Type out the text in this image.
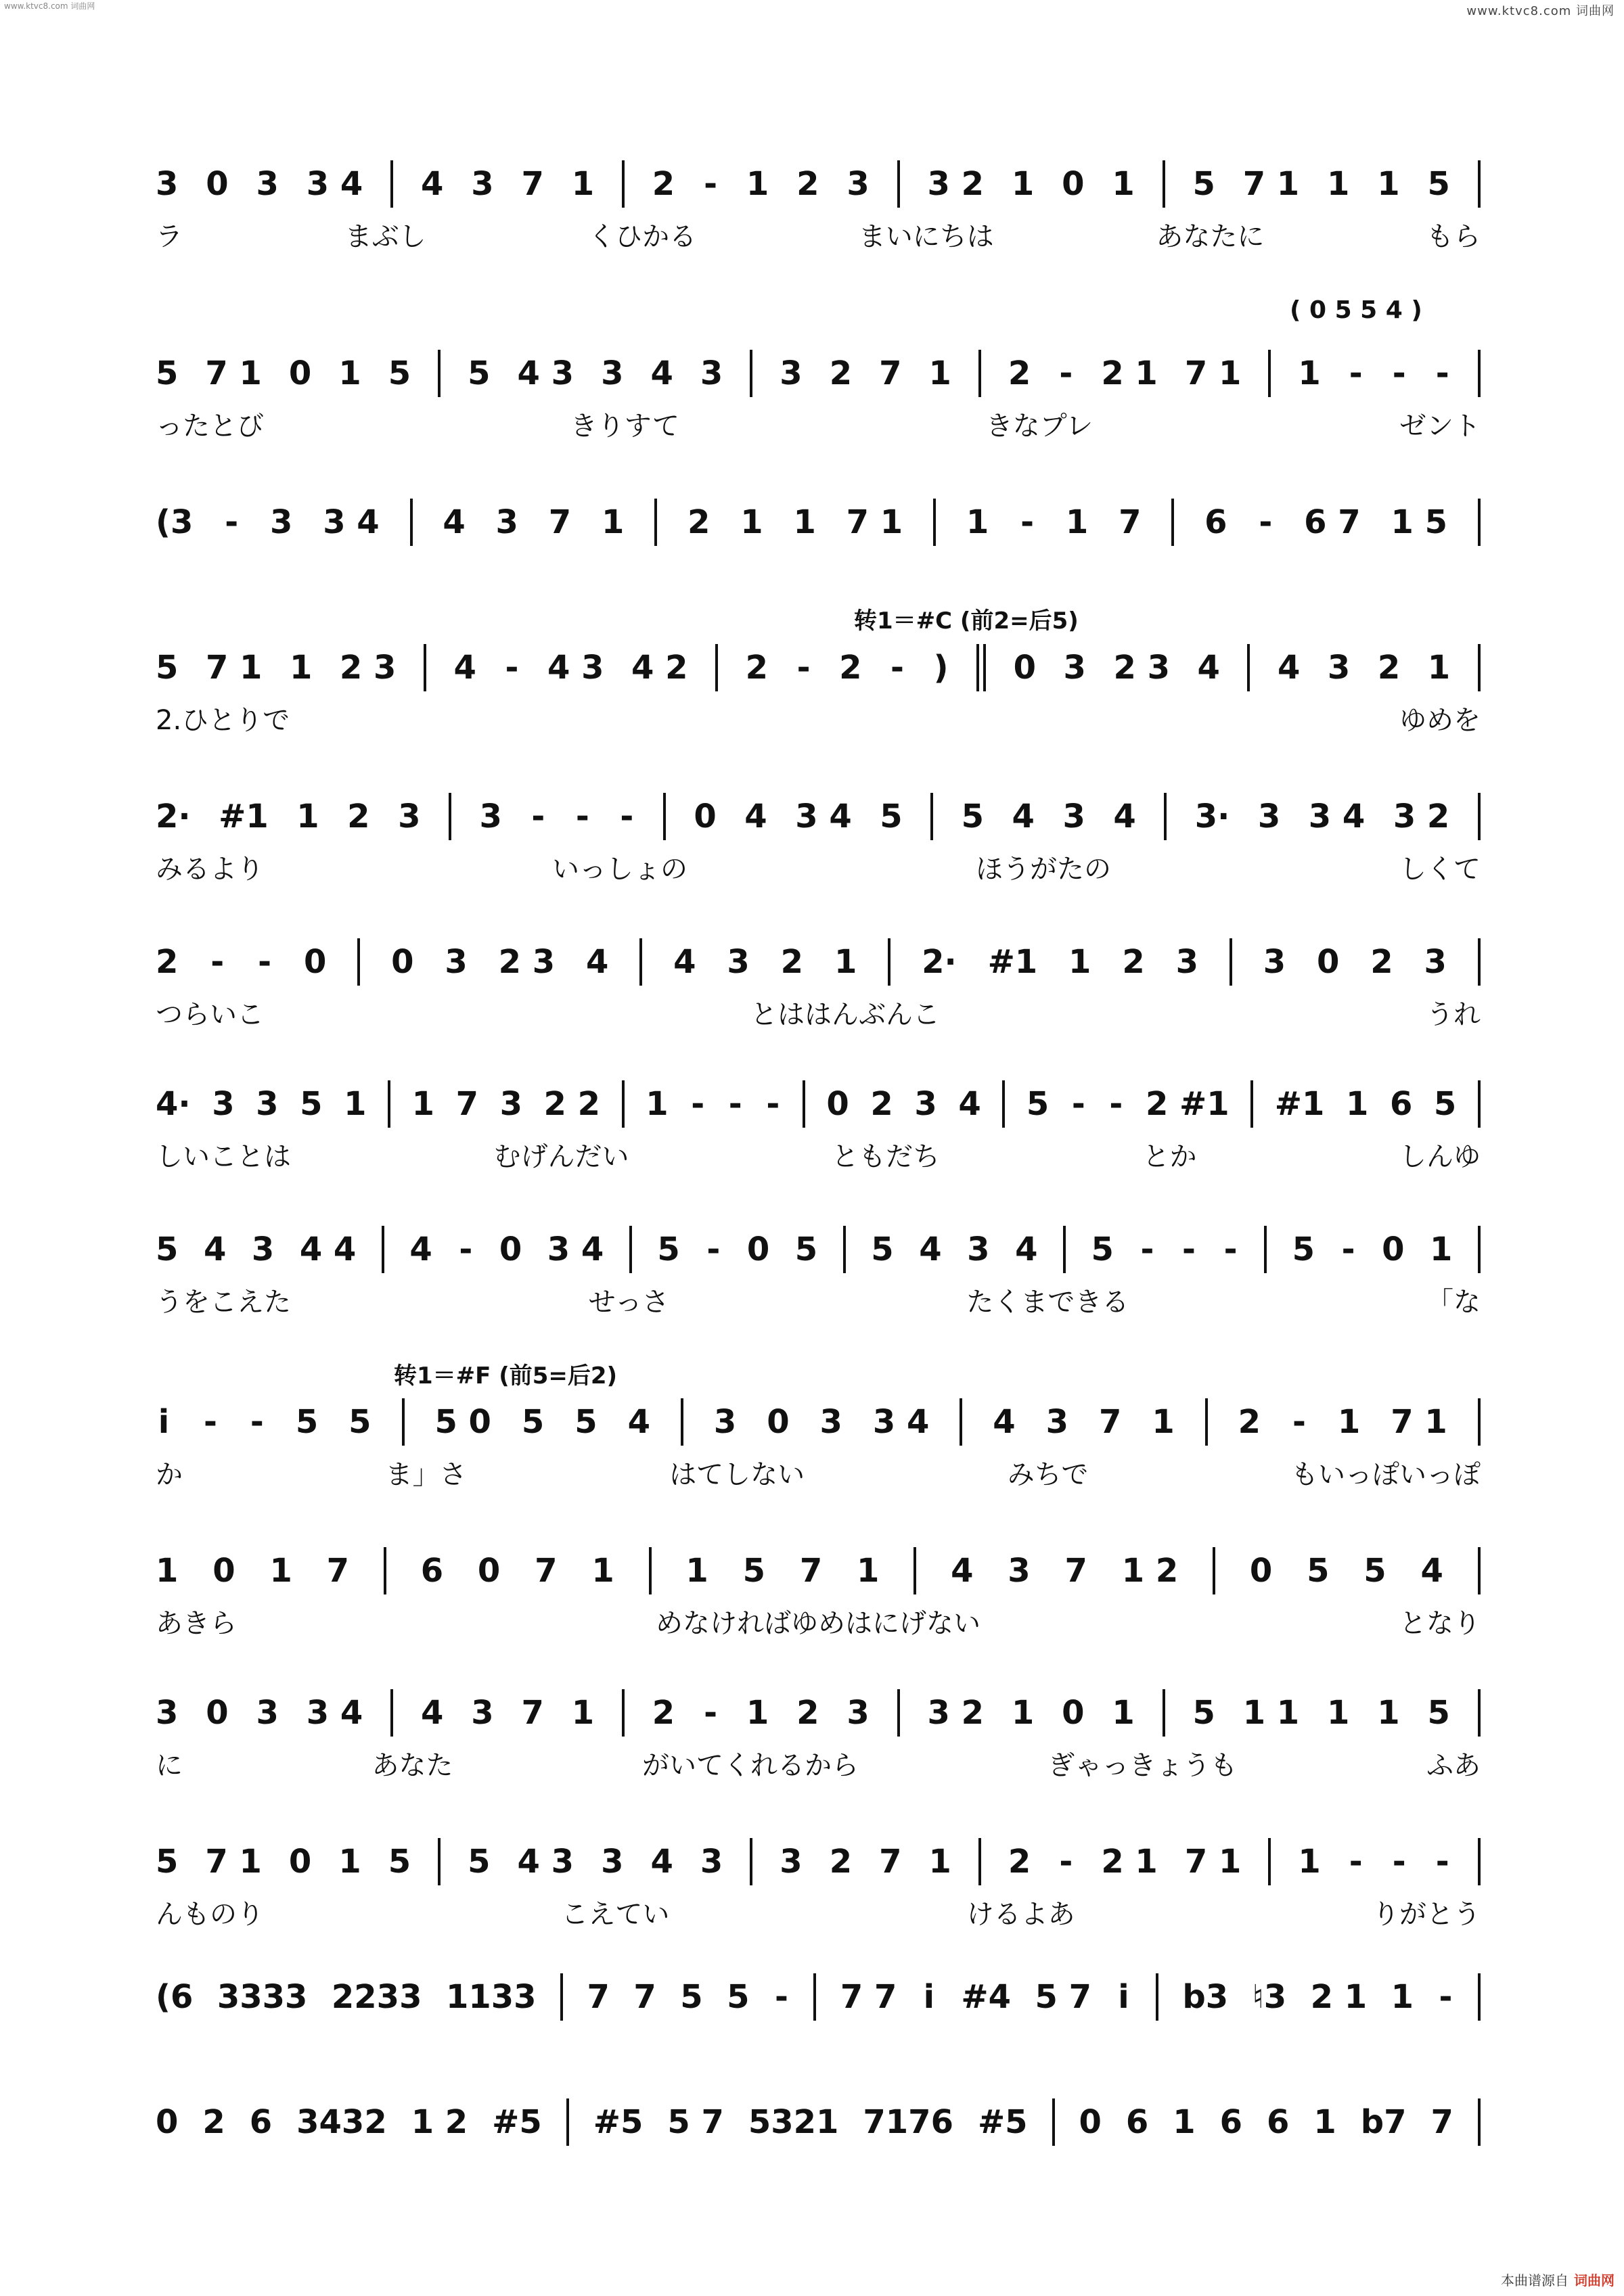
www.ktvc8.com 词曲网	www.ktvc8.com 词曲网
( 0 5 5 4 )
转1＝#C (前2=后5)
转1＝#F (前5=后2)
3 0 3 3 4 4 3 7 1 2 - 1 2 3 3 2 1 0 1 5 7 1 1 1 5
ラ	まぶし	くひかる	まいにちは	あなたに	もら
5 7 1 0 1 5 5 4 3 3 4 3 3 2 7 1 2 - 2 1 7 1 1 - - -
ったとび	きりすて	きなプレ	ゼント
(3 - 3 3 4 4 3 7 1 2 1 1 7 1 1 - 1 7 6 - 6 7 1 5
5 7 1 1 2 3 4 - 4 3 4 2 2 - 2 - ) 0 3 2 3 4 4 3 2 1
2.ひとりで	ゆめを
2· #1 1 2 3 3 - - - 0 4 3 4 5 5 4 3 4 3· 3 3 4 3 2
みるより	いっしょの	ほうがたの	しくて
2 - - 0 0 3 2 3 4 4 3 2 1 2· #1 1 2 3 3 0 2 3
つらいこ	とははんぶんこ	うれ
4· 3 3 5 1 1 7 3 2 2 1 - - - 0 2 3 4 5 - - 2 #1 #1 1 6 5
しいことは	むげんだい	ともだち	とか	しんゆ
5 4 3 4 4 4 - 0 3 4 5 - 0 5 5 4 3 4 5 - - - 5 - 0 1
うをこえた	せっさ	たくまできる	「な
i - - 5 5 5 0 5 5 4 3 0 3 3 4 4 3 7 1 2 - 1 7 1
か	ま」さ	はてしない	みちで	もいっぽいっぽ
1 0 1 7 6 0 7 1 1 5 7 1 4 3 7 1 2 0 5 5 4
あきら	めなければゆめはにげない	となり
3 0 3 3 4 4 3 7 1 2 - 1 2 3 3 2 1 0 1 5 1 1 1 1 5
に	あなた	がいてくれるから	ぎゃっきょうも	ふあ
5 7 1 0 1 5 5 4 3 3 4 3 3 2 7 1 2 - 2 1 7 1 1 - - -
んものり	こえてい	けるよあ	りがとう
(6 3333 2233 1133 7 7 5 5 - 7 7 i #4 5 7 i b3 ♮3 2 1 1 -
0 2 6 3432 1 2 #5 #5 5 7 5321 7176 #5 0 6 1 6 6 1 b7 7
本曲谱源自 词曲网
